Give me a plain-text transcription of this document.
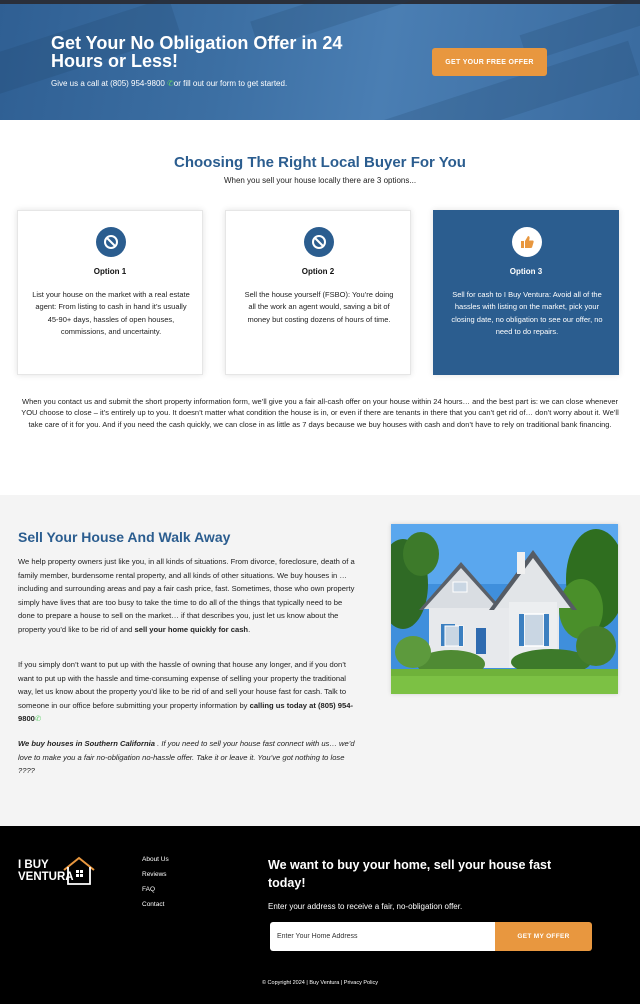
Get Your No Obligation Offer in 24 Hours or Less!
Give us a call at (805) 954-9800 ✆or fill out our form to get started.
GET YOUR FREE OFFER
Choosing The Right Local Buyer For You
When you sell your house locally there are 3 options...
Option 1
List your house on the market with a real estate agent: From listing to cash in hand it’s usually 45-90+ days, hassles of open houses, commissions, and uncertainty.
Option 2
Sell the house yourself (FSBO): You’re doing all the work an agent would, saving a bit of money but costing dozens of hours of time.
Option 3
Sell for cash to I Buy Ventura: Avoid all of the hassles with listing on the market, pick your closing date, no obligation to see our offer, no need to do repairs.

When you contact us and submit the short property information form, we’ll give you a fair all-cash offer on your house within 24 hours… and the best part is: we can close whenever YOU choose to close – it’s entirely up to you. It doesn’t matter what condition the house is in, or even if there are tenants in there that you can’t get rid of… don’t worry about it. We’ll take care of it for you. And if you need the cash quickly, we can close in as little as 7 days because we buy houses with cash and don’t have to rely on traditional bank financing.

Sell Your House And Walk Away

We help property owners just like you, in all kinds of situations. From divorce, foreclosure, death of a family member, burdensome rental property, and all kinds of other situations. We buy houses in … including and surrounding areas and pay a fair cash price, fast. Sometimes, those who own property simply have lives that are too busy to take the time to do all of the things that typically need to be done to prepare a house to sell on the market… if that describes you, just let us know about the property you’d like to be rid of and sell your home quickly for cash.

If you simply don’t want to put up with the hassle of owning that house any longer, and if you don’t want to put up with the hassle and time-consuming expense of selling your property the traditional way, let us know about the property you’d like to be rid of and sell your house fast for cash. Talk to someone in our office before submitting your property information by calling us today at (805) 954-9800✆

We buy houses in Southern California . If you need to sell your house fast connect with us… we’d love to make you a fair no-obligation no-hassle offer. Take it or leave it. You’ve got nothing to lose ????

I BUY
VENTURA
About Us
Reviews
FAQ
Contact
We want to buy your home, sell your house fast today!
Enter your address to receive a fair, no-obligation offer.
Enter Your Home Address
GET MY OFFER
© Copyright 2024 | Buy Ventura | Privacy Policy
